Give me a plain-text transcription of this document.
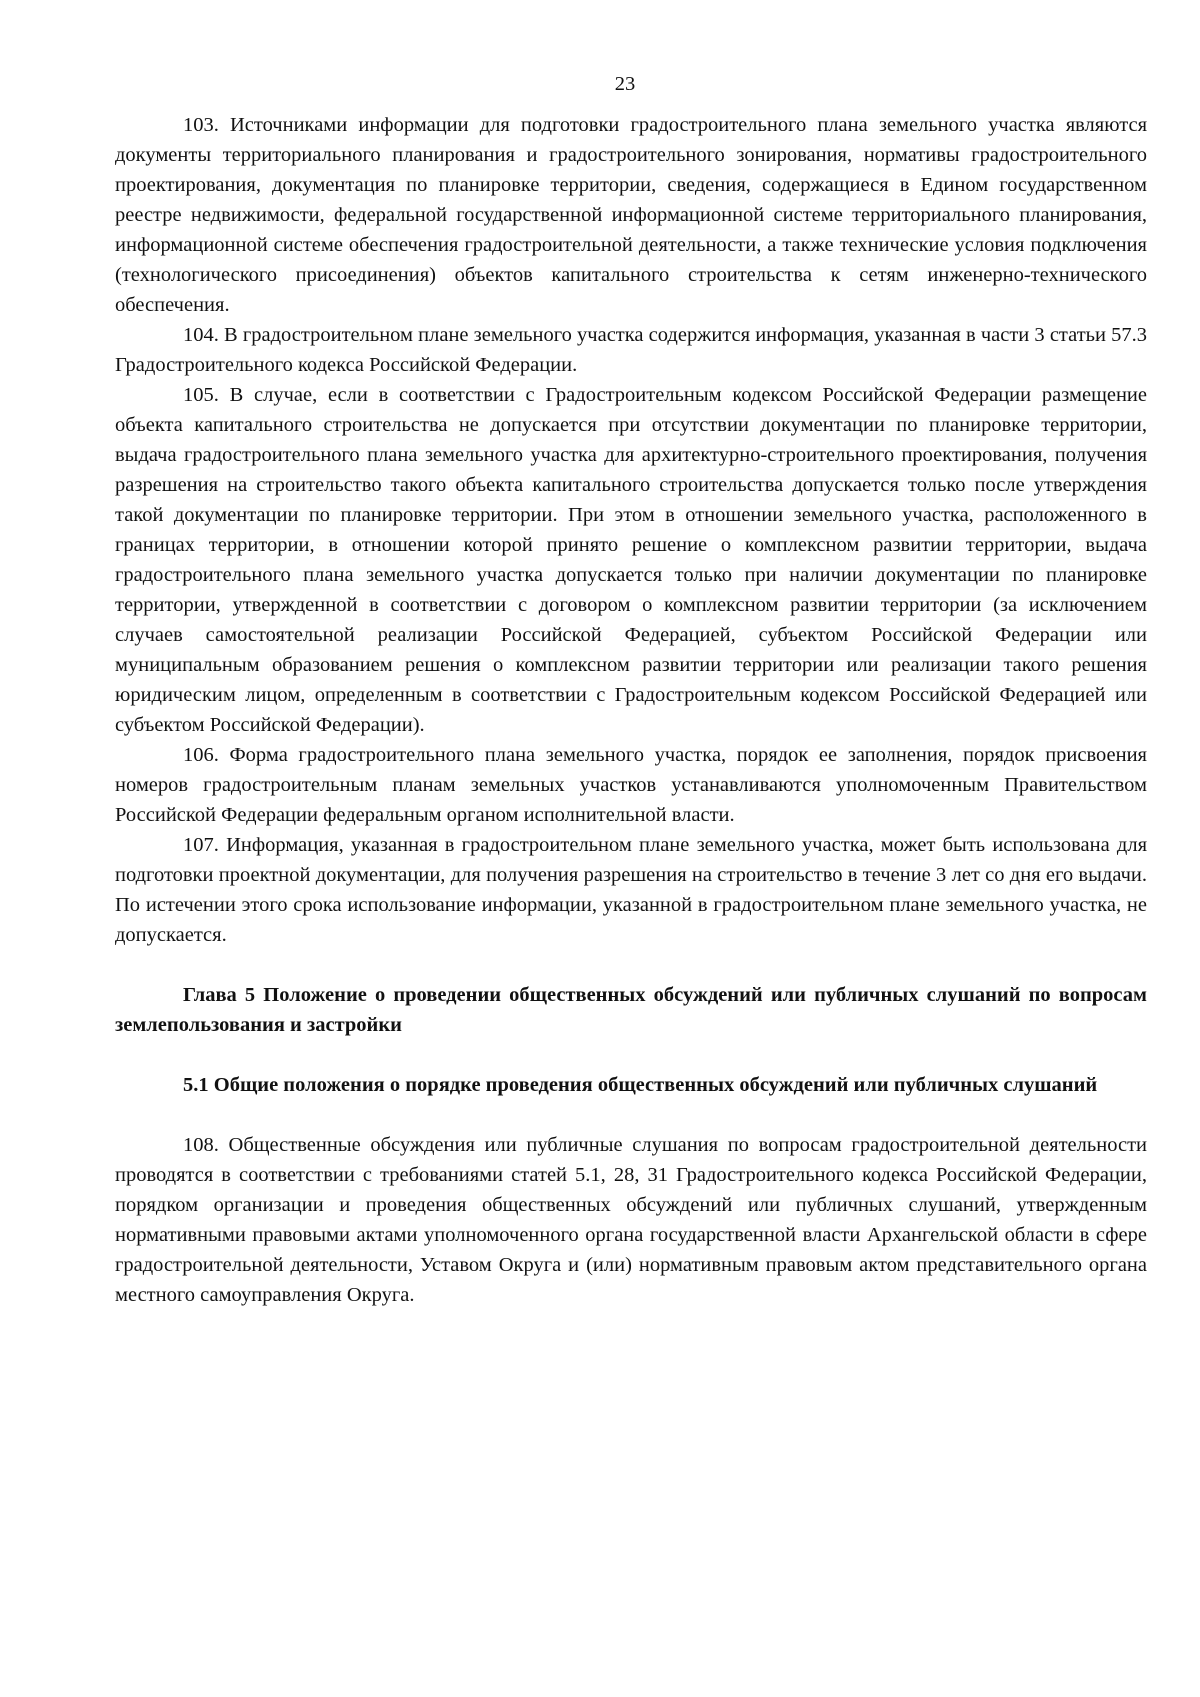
23

103. Источниками информации для подготовки градостроительного плана земельного участка являются документы территориального планирования и градостроительного зонирования, нормативы градостроительного проектирования, документация по планировке территории, сведения, содержащиеся в Едином государственном реестре недвижимости, федеральной государственной информационной системе территориального планирования, информационной системе обеспечения градостроительной деятельности, а также технические условия подключения (технологического присоединения) объектов капитального строительства к сетям инженерно-технического обеспечения.

104. В градостроительном плане земельного участка содержится информация, указанная в части 3 статьи 57.3 Градостроительного кодекса Российской Федерации.

105. В случае, если в соответствии с Градостроительным кодексом Российской Федерации размещение объекта капитального строительства не допускается при отсутствии документации по планировке территории, выдача градостроительного плана земельного участка для архитектурно-строительного проектирования, получения разрешения на строительство такого объекта капитального строительства допускается только после утверждения такой документации по планировке территории. При этом в отношении земельного участка, расположенного в границах территории, в отношении которой принято решение о комплексном развитии территории, выдача градостроительного плана земельного участка допускается только при наличии документации по планировке территории, утвержденной в соответствии с договором о комплексном развитии территории (за исключением случаев самостоятельной реализации Российской Федерацией, субъектом Российской Федерации или муниципальным образованием решения о комплексном развитии территории или реализации такого решения юридическим лицом, определенным в соответствии с Градостроительным кодексом Российской Федерацией или субъектом Российской Федерации).

106. Форма градостроительного плана земельного участка, порядок ее заполнения, порядок присвоения номеров градостроительным планам земельных участков устанавливаются уполномоченным Правительством Российской Федерации федеральным органом исполнительной власти.

107. Информация, указанная в градостроительном плане земельного участка, может быть использована для подготовки проектной документации, для получения разрешения на строительство в течение 3 лет со дня его выдачи. По истечении этого срока использование информации, указанной в градостроительном плане земельного участка, не допускается.

Глава 5 Положение о проведении общественных обсуждений или публичных слушаний по вопросам землепользования и застройки

5.1 Общие положения о порядке проведения общественных обсуждений или публичных слушаний

108. Общественные обсуждения или публичные слушания по вопросам градостроительной деятельности проводятся в соответствии с требованиями статей 5.1, 28, 31 Градостроительного кодекса Российской Федерации, порядком организации и проведения общественных обсуждений или публичных слушаний, утвержденным нормативными правовыми актами уполномоченного органа государственной власти Архангельской области в сфере градостроительной деятельности, Уставом Округа и (или) нормативным правовым актом представительного органа местного самоуправления Округа.
